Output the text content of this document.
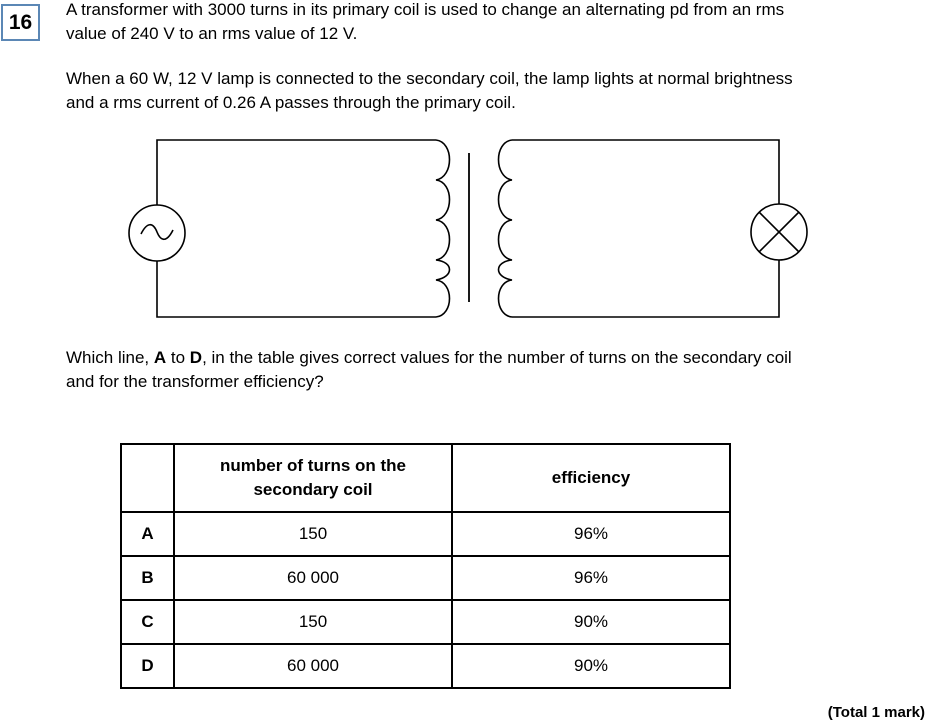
16

A transformer with 3000 turns in its primary coil is used to change an alternating pd from an rms
value of 240 V to an rms value of 12 V.

When a 60 W, 12 V lamp is connected to the secondary coil, the lamp lights at normal brightness
and a rms current of 0.26 A passes through the primary coil.

Which line, A to D, in the table gives correct values for the number of turns on the secondary coil
and for the transformer efficiency?

	number of turns on the
secondary coil	efficiency
A	150	96%
B	60 000	96%
C	150	90%
D	60 000	90%
(Total 1 mark)
